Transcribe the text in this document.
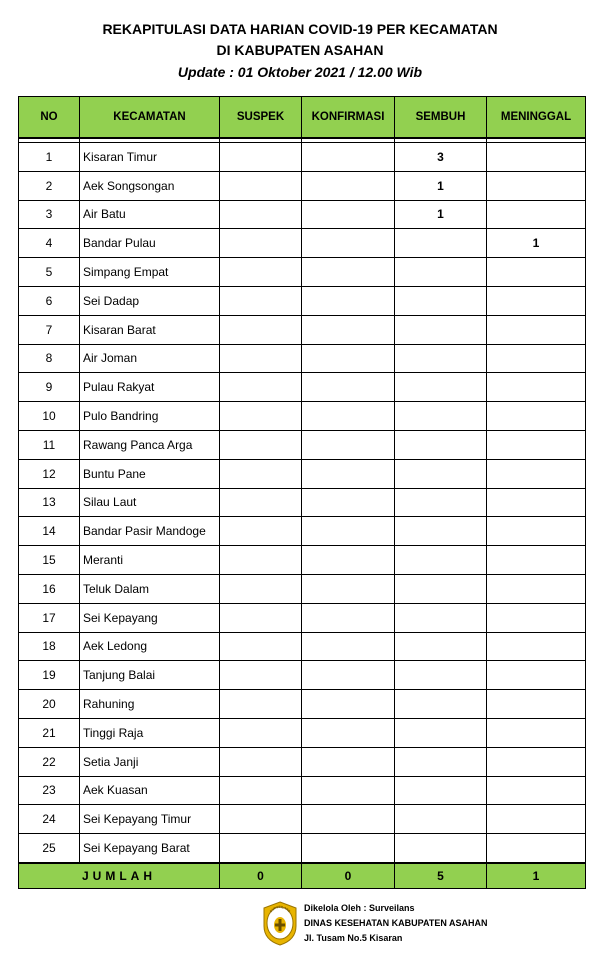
REKAPITULASI DATA HARIAN COVID-19 PER KECAMATAN
DI KABUPATEN ASAHAN
Update : 01 Oktober 2021 / 12.00 Wib
NO	KECAMATAN	SUSPEK	KONFIRMASI	SEMBUH	MENINGGAL

1	Kisaran Timur			3	
2	Aek Songsongan			1	
3	Air Batu			1	
4	Bandar Pulau				1
5	Simpang Empat				
6	Sei Dadap				
7	Kisaran Barat				
8	Air Joman				
9	Pulau Rakyat				
10	Pulo Bandring				
11	Rawang Panca Arga				
12	Buntu Pane				
13	Silau Laut				
14	Bandar Pasir Mandoge				
15	Meranti				
16	Teluk Dalam				
17	Sei Kepayang				
18	Aek Ledong				
19	Tanjung Balai				
20	Rahuning				
21	Tinggi Raja				
22	Setia Janji				
23	Aek Kuasan				
24	Sei Kepayang Timur				
25	Sei Kepayang Barat				
JUMLAH		0	0	5	1
SURVEILANS Dikelola Oleh : Surveilans
DINAS KESEHATAN KABUPATEN ASAHAN
Jl. Tusam No.5 Kisaran
